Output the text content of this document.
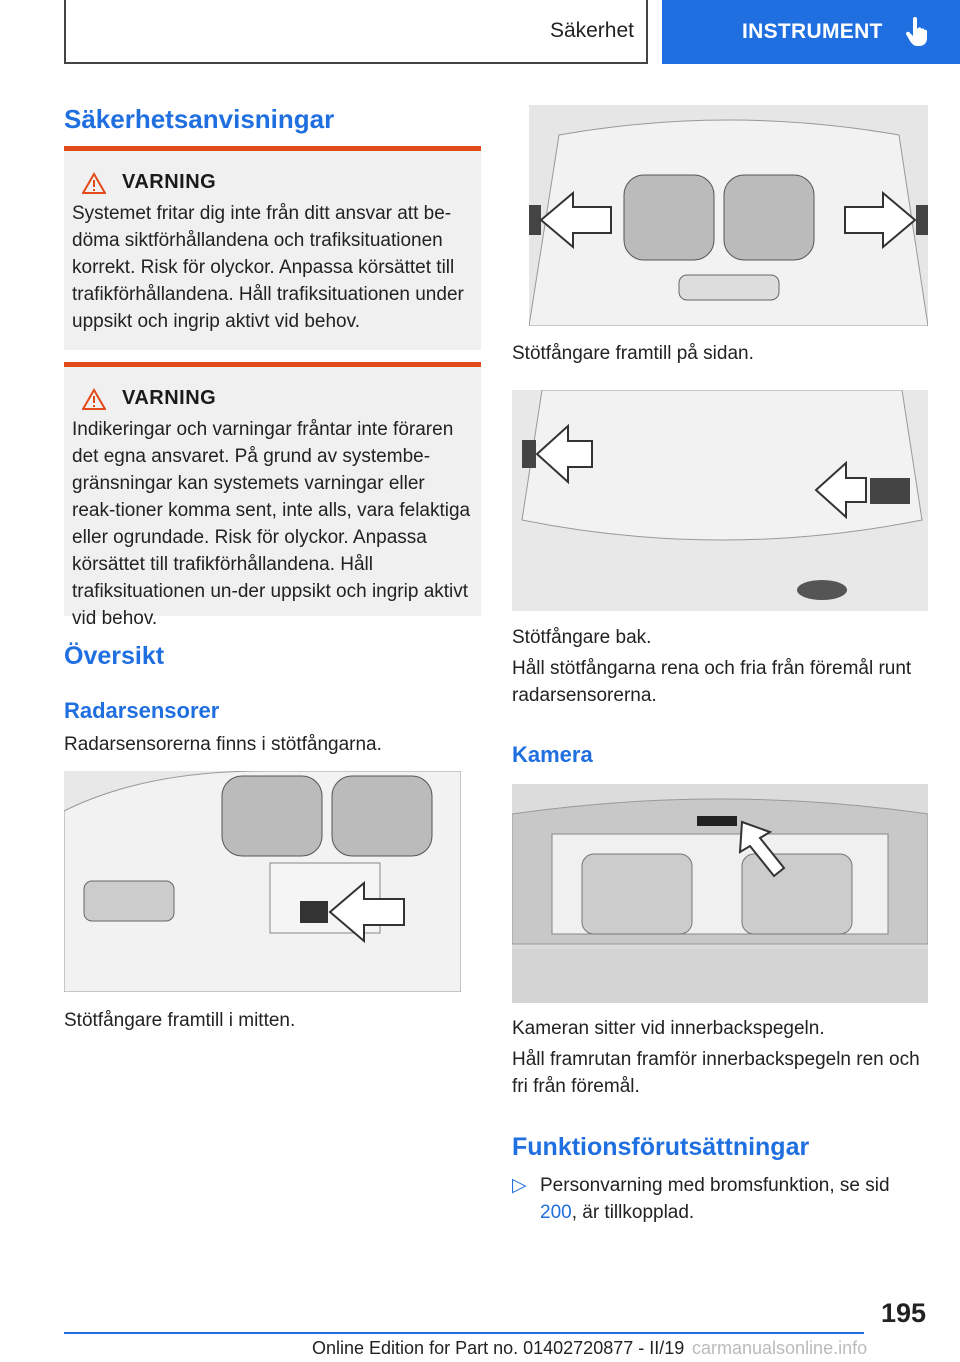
Säkerhet	INSTRUMENT
Säkerhetsanvisningar
VARNING
Systemet fritar dig inte från ditt ansvar att be-döma siktförhållandena och trafiksituationen korrekt. Risk för olyckor. Anpassa körsättet till trafikförhållandena. Håll trafiksituationen under uppsikt och ingrip aktivt vid behov.
VARNING
Indikeringar och varningar fråntar inte föraren det egna ansvaret. På grund av systembe-gränsningar kan systemets varningar eller reak-tioner komma sent, inte alls, vara felaktiga eller ogrundade. Risk för olyckor. Anpassa körsättet till trafikförhållandena. Håll trafiksituationen un-der uppsikt och ingrip aktivt vid behov.
Översikt
Radarsensorer
Radarsensorerna finns i stötfångarna.
Stötfångare framtill i mitten.
Stötfångare framtill på sidan.
Stötfångare bak.
Håll stötfångarna rena och fria från föremål runt radarsensorerna.
Kamera
Kameran sitter vid innerbackspegeln.
Håll framrutan framför innerbackspegeln ren och fri från föremål.
Funktionsförutsättningar
▷ Personvarning med bromsfunktion, se sid
200, är tillkopplad.
195
Online Edition for Part no. 01402720877 - II/19 carmanualsonline.info
